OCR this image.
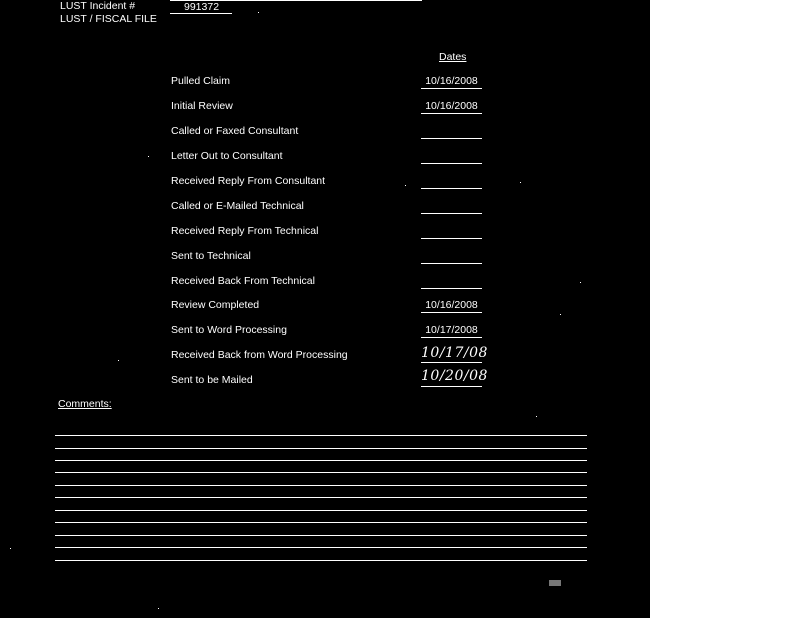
LUST Incident #	991372
LUST / FISCAL FILE
Dates
Pulled Claim	10/16/2008
Initial Review	10/16/2008
Called or Faxed Consultant
Letter Out to Consultant
Received Reply From Consultant
Called or E-Mailed Technical
Received Reply From Technical
Sent to Technical
Received Back From Technical
Review Completed	10/16/2008
Sent to Word Processing	10/17/2008
Received Back from Word Processing	10/17/08
Sent to be Mailed	10/20/08
Comments:
